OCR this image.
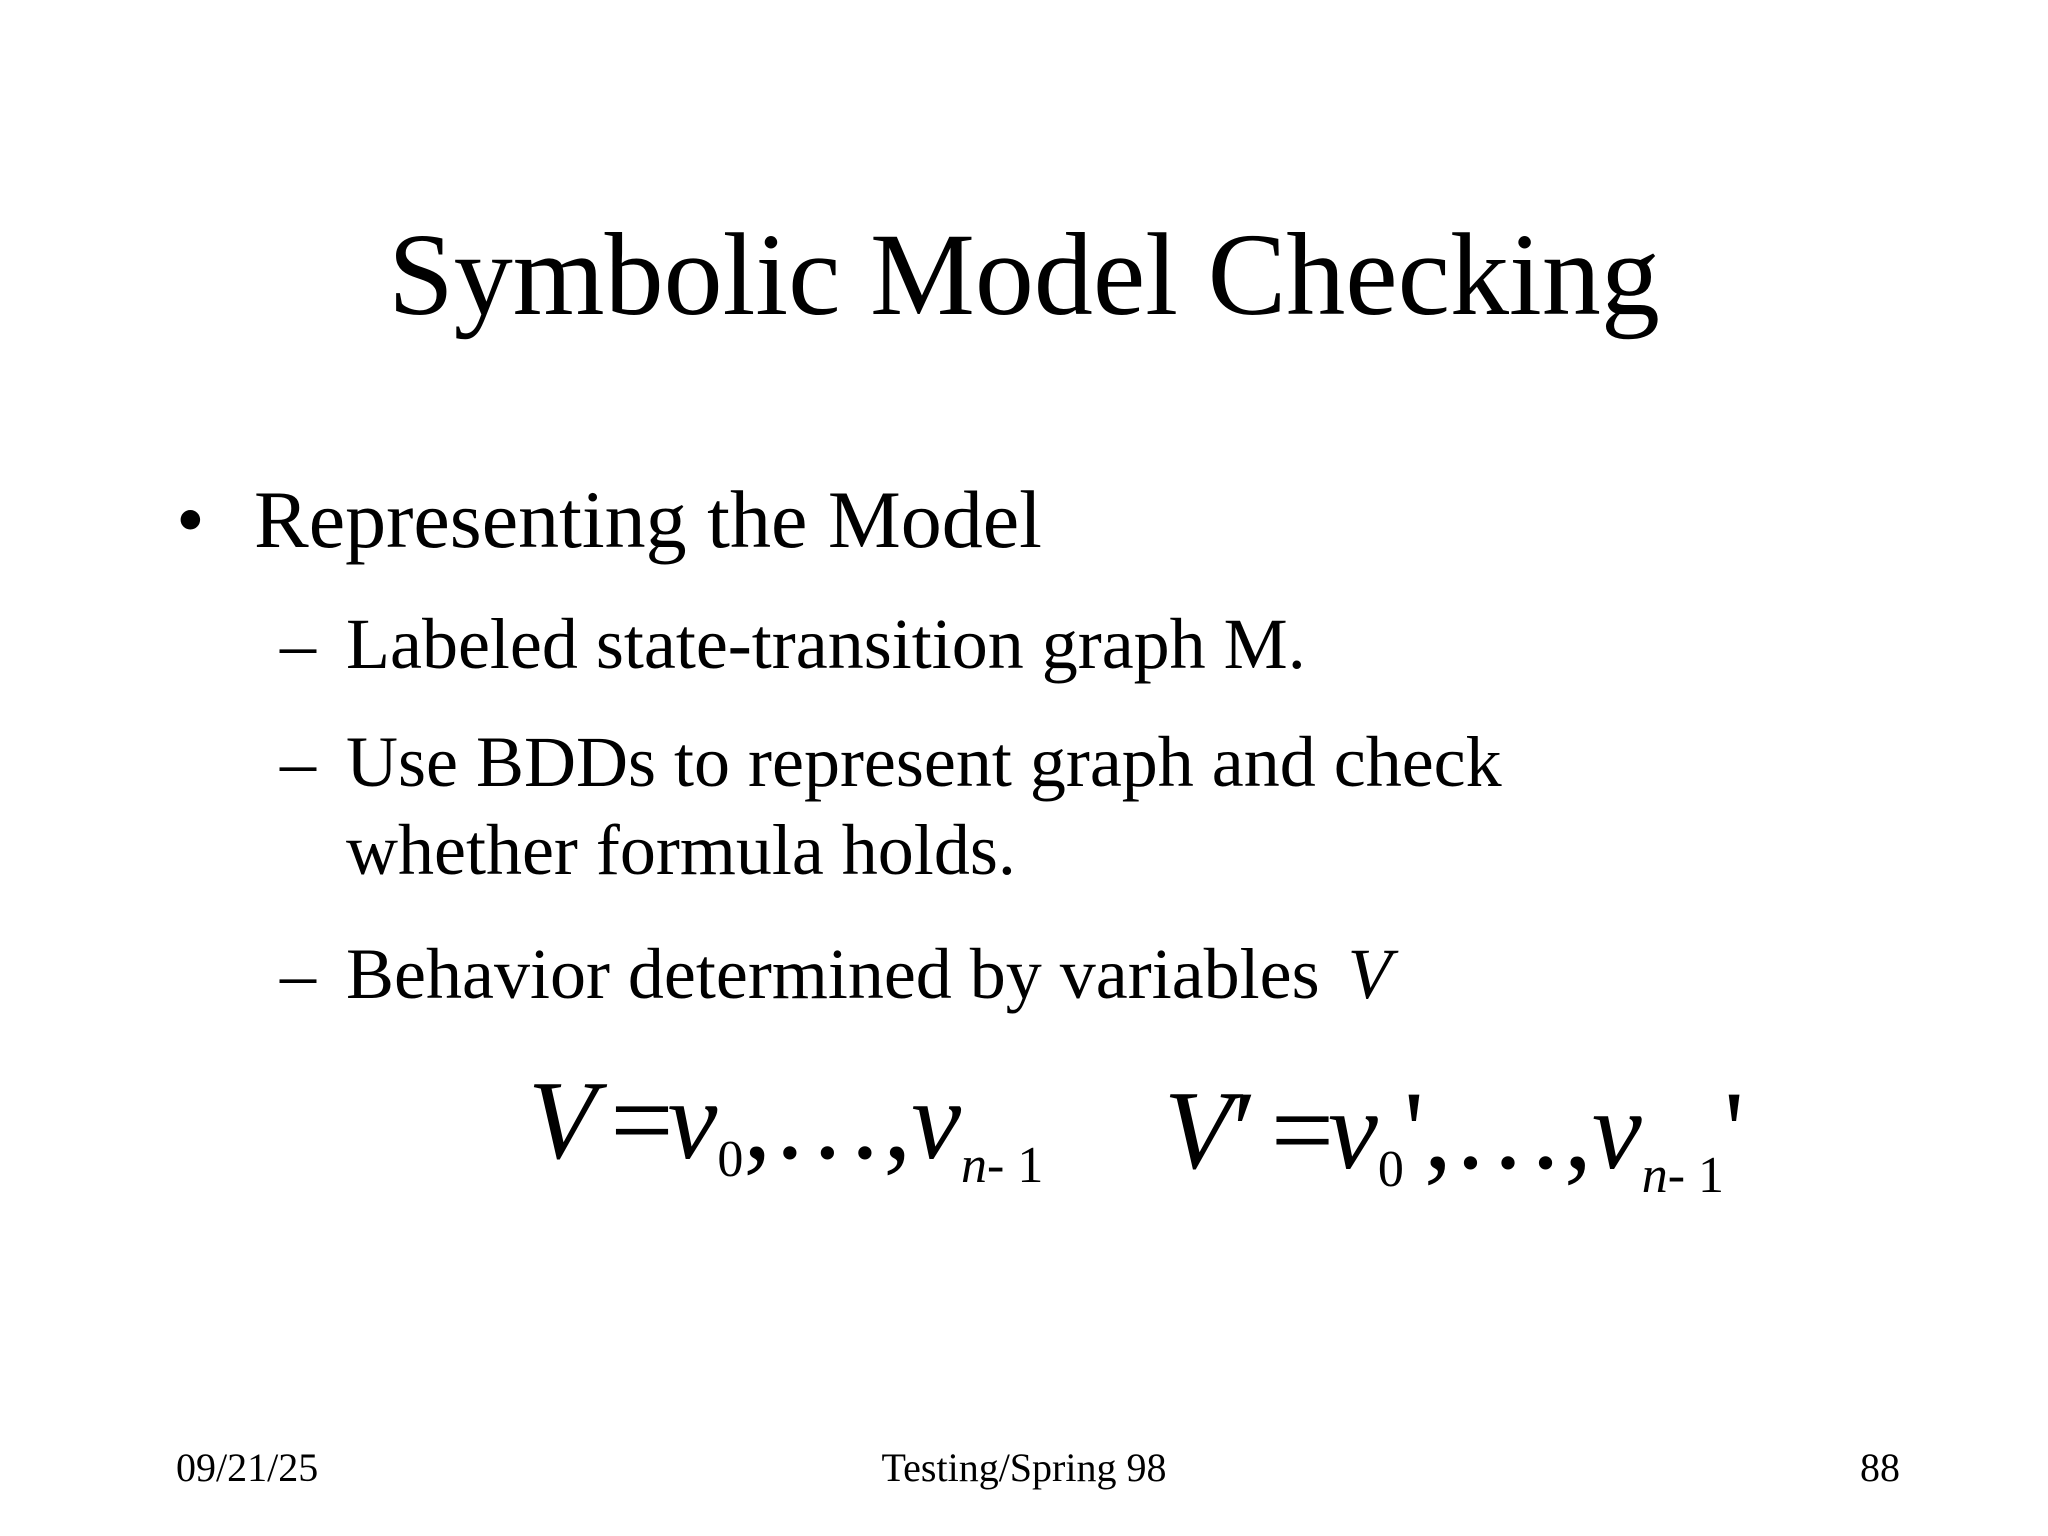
Symbolic Model Checking
• Representing the Model
– Labeled state-transition graph M.
– Use BDDs to represent graph and check
whether formula holds.
– Behavior determined by variables V
$V =v0,\dots,v_{n- 1}$ $V' =v0',\dots,v_{n- 1}'$
09/21/25	Testing/Spring 98	88
